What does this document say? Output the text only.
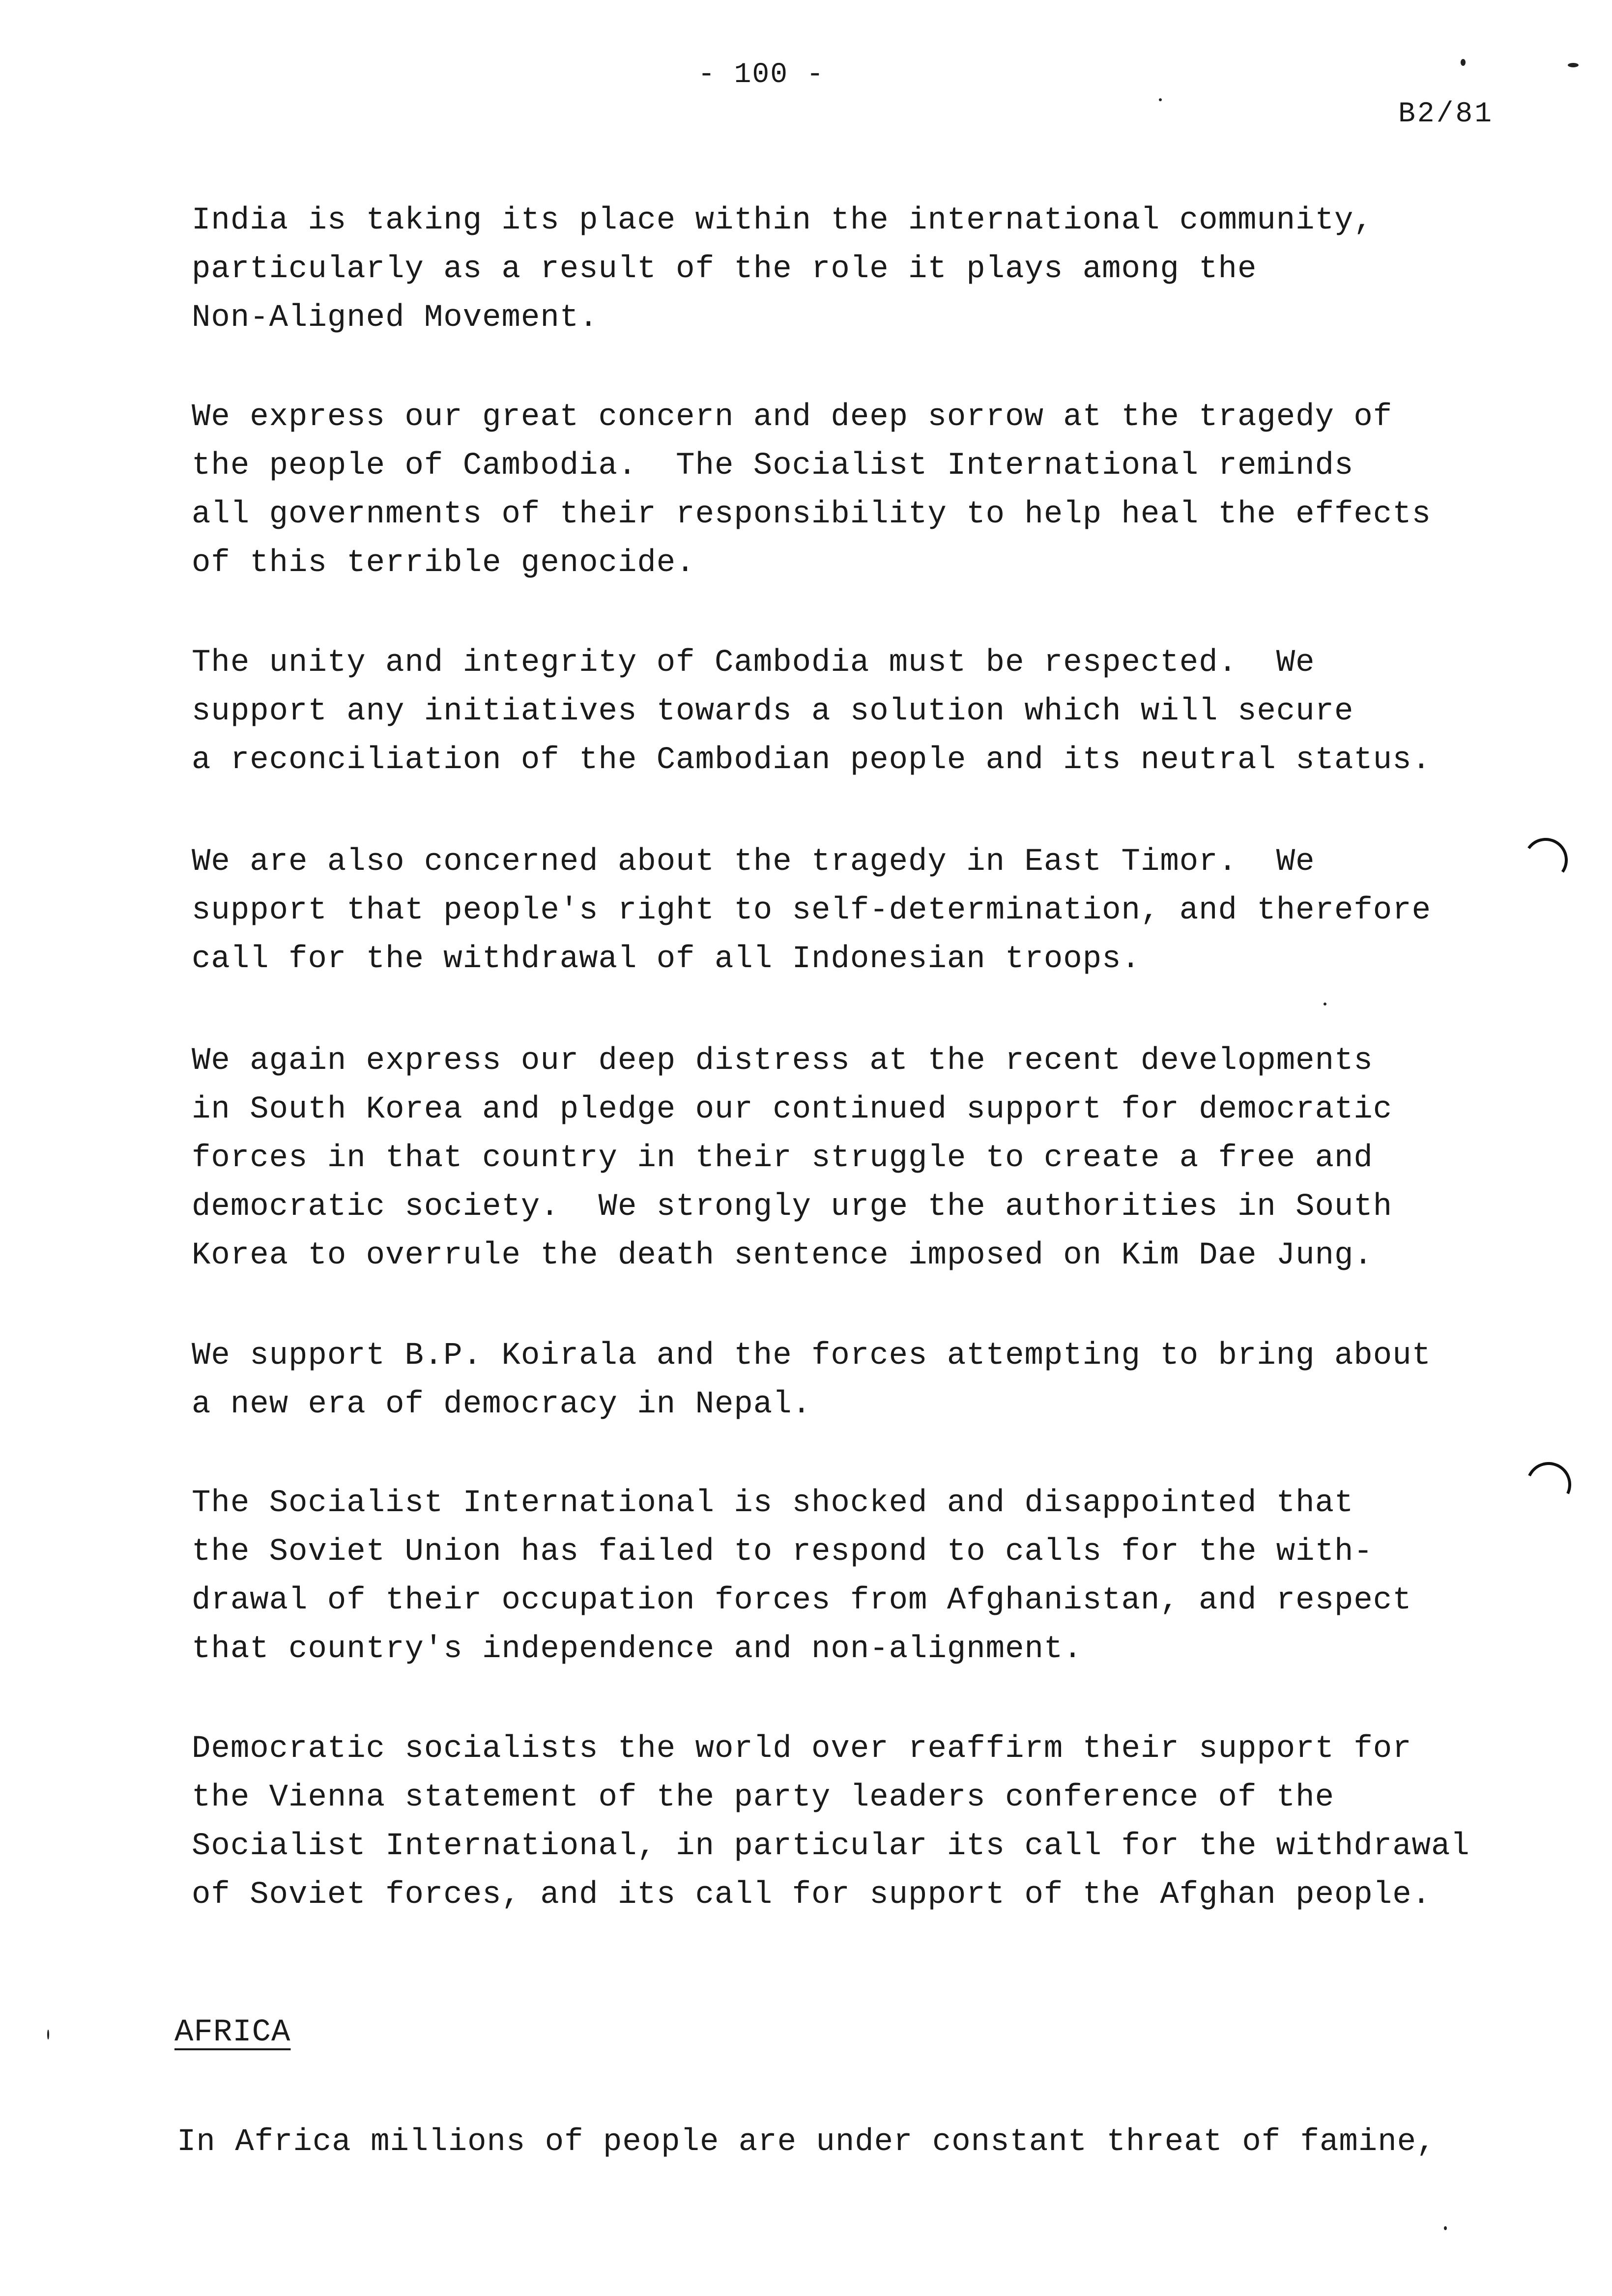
- 100 -
B2/81
India is taking its place within the international community,
particularly as a result of the role it plays among the
Non-Aligned Movement.
We express our great concern and deep sorrow at the tragedy of
the people of Cambodia.  The Socialist International reminds
all governments of their responsibility to help heal the effects
of this terrible genocide.
The unity and integrity of Cambodia must be respected.  We
support any initiatives towards a solution which will secure
a reconciliation of the Cambodian people and its neutral status.
We are also concerned about the tragedy in East Timor.  We
support that people's right to self-determination, and therefore
call for the withdrawal of all Indonesian troops.
We again express our deep distress at the recent developments
in South Korea and pledge our continued support for democratic
forces in that country in their struggle to create a free and
democratic society.  We strongly urge the authorities in South
Korea to overrule the death sentence imposed on Kim Dae Jung.
We support B.P. Koirala and the forces attempting to bring about
a new era of democracy in Nepal.
The Socialist International is shocked and disappointed that
the Soviet Union has failed to respond to calls for the with-
drawal of their occupation forces from Afghanistan, and respect
that country's independence and non-alignment.
Democratic socialists the world over reaffirm their support for
the Vienna statement of the party leaders conference of the
Socialist International, in particular its call for the withdrawal
of Soviet forces, and its call for support of the Afghan people.
AFRICA
In Africa millions of people are under constant threat of famine,
